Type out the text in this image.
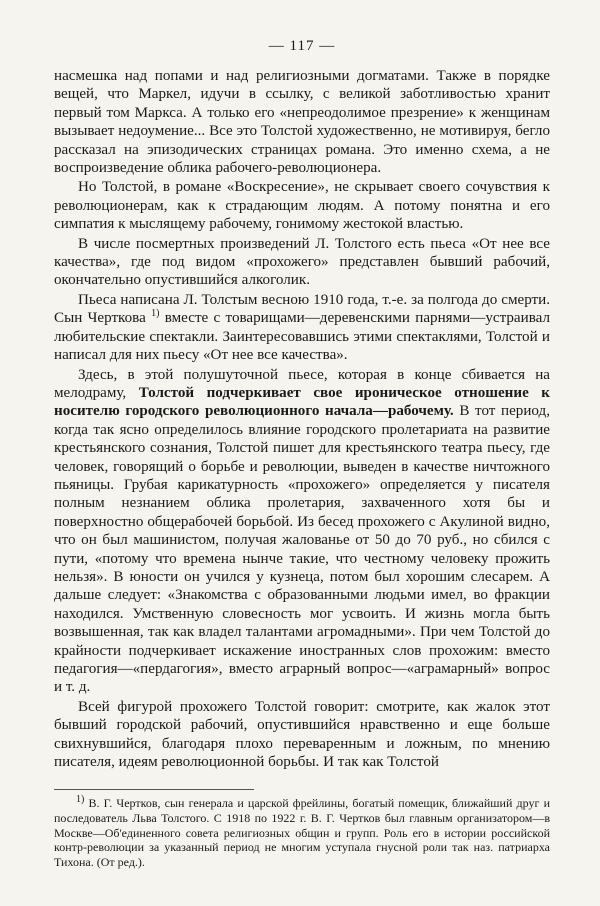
— 117 —

насмешка над попами и над религиозными догматами. Также в порядке вещей, что Маркел, идучи в ссылку, с великой заботливостью хранит первый том Маркса. А только его «непреодолимое презрение» к женщинам вызывает недоумение... Все это Толстой художественно, не мотивируя, бегло рассказал на эпизодических страницах романа. Это именно схема, а не воспроизведение облика рабочего-революционера.

Но Толстой, в романе «Воскресение», не скрывает своего сочувствия к революционерам, как к страдающим людям. А потому понятна и его симпатия к мыслящему рабочему, гонимому жестокой властью.

В числе посмертных произведений Л. Толстого есть пьеса «От нее все качества», где под видом «прохожего» представлен бывший рабочий, окончательно опустившийся алкоголик.

Пьеса написана Л. Толстым весною 1910 года, т.-е. за полгода до смерти. Сын Черткова $^{1)}$ вместе с товарищами—деревенскими парнями—устраивал любительские спектакли. Заинтересовавшись этими спектаклями, Толстой и написал для них пьесу «От нее все качества».

Здесь, в этой полушуточной пьесе, которая в конце сбивается на мелодраму, Толстой подчеркивает свое ироническое отношение к носителю городского революционного начала—рабочему. В тот период, когда так ясно определилось влияние городского пролетариата на развитие крестьянского сознания, Толстой пишет для крестьянского театра пьесу, где человек, говорящий о борьбе и революции, выведен в качестве ничтожного пьяницы. Грубая карикатурность «прохожего» определяется у писателя полным незнанием облика пролетария, захваченного хотя бы и поверхностно общерабочей борьбой. Из бесед прохожего с Акулиной видно, что он был машинистом, получая жалованье от 50 до 70 руб., но сбился с пути, «потому что времена нынче такие, что честному человеку прожить нельзя». В юности он учился у кузнеца, потом был хорошим слесарем. А дальше следует: «Знакомства с образованными людьми имел, во фракции находился. Умственную словесность мог усвоить. И жизнь могла быть возвышенная, так как владел талантами агромадными». При чем Толстой до крайности подчеркивает искажение иностранных слов прохожим: вместо педагогия—«пердагогия», вместо аграрный вопрос—«аграмарный» вопрос и т. д.

Всей фигурой прохожего Толстой говорит: смотрите, как жалок этот бывший городской рабочий, опустившийся нравственно и еще больше свихнувшийся, благодаря плохо переваренным и ложным, по мнению писателя, идеям революционной борьбы. И так как Толстой

$^{1)}$ В. Г. Чертков, сын генерала и царской фрейлины, богатый помещик, ближайший друг и последователь Льва Толстого. С 1918 по 1922 г. В. Г. Чертков был главным организатором—в Москве—Об'единенного совета религиозных общин и групп. Роль его в истории российской контр-революции за указанный период не многим уступала гнусной роли так наз. патриарха Тихона. (От ред.).
